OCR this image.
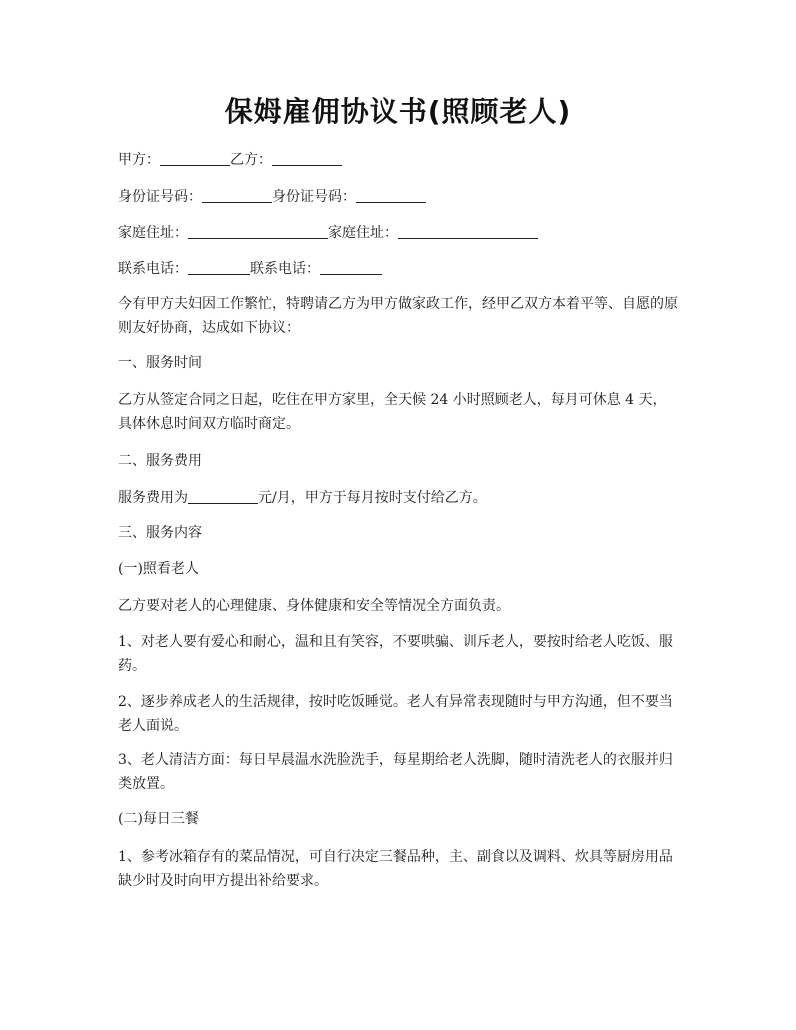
保姆雇佣协议书(照顾老人)
甲方：	乙方：
身份证号码：	身份证号码：
家庭住址：	家庭住址：
联系电话：	联系电话：
今有甲方夫妇因工作繁忙，特聘请乙方为甲方做家政工作，经甲乙双方本着平等、自愿的原则友好协商，达成如下协议：
一、服务时间
乙方从签定合同之日起，吃住在甲方家里，全天候 24 小时照顾老人，每月可休息 4 天，具体休息时间双方临时商定。
二、服务费用
服务费用为	元/月，甲方于每月按时支付给乙方。
三、服务内容
(一)照看老人
乙方要对老人的心理健康、身体健康和安全等情况全方面负责。
1、对老人要有爱心和耐心，温和且有笑容，不要哄骗、训斥老人，要按时给老人吃饭、服药。
2、逐步养成老人的生活规律，按时吃饭睡觉。老人有异常表现随时与甲方沟通，但不要当老人面说。
3、老人清洁方面：每日早晨温水洗脸洗手，每星期给老人洗脚，随时清洗老人的衣服并归类放置。
(二)每日三餐
1、参考冰箱存有的菜品情况，可自行决定三餐品种，主、副食以及调料、炊具等厨房用品缺少时及时向甲方提出补给要求。
